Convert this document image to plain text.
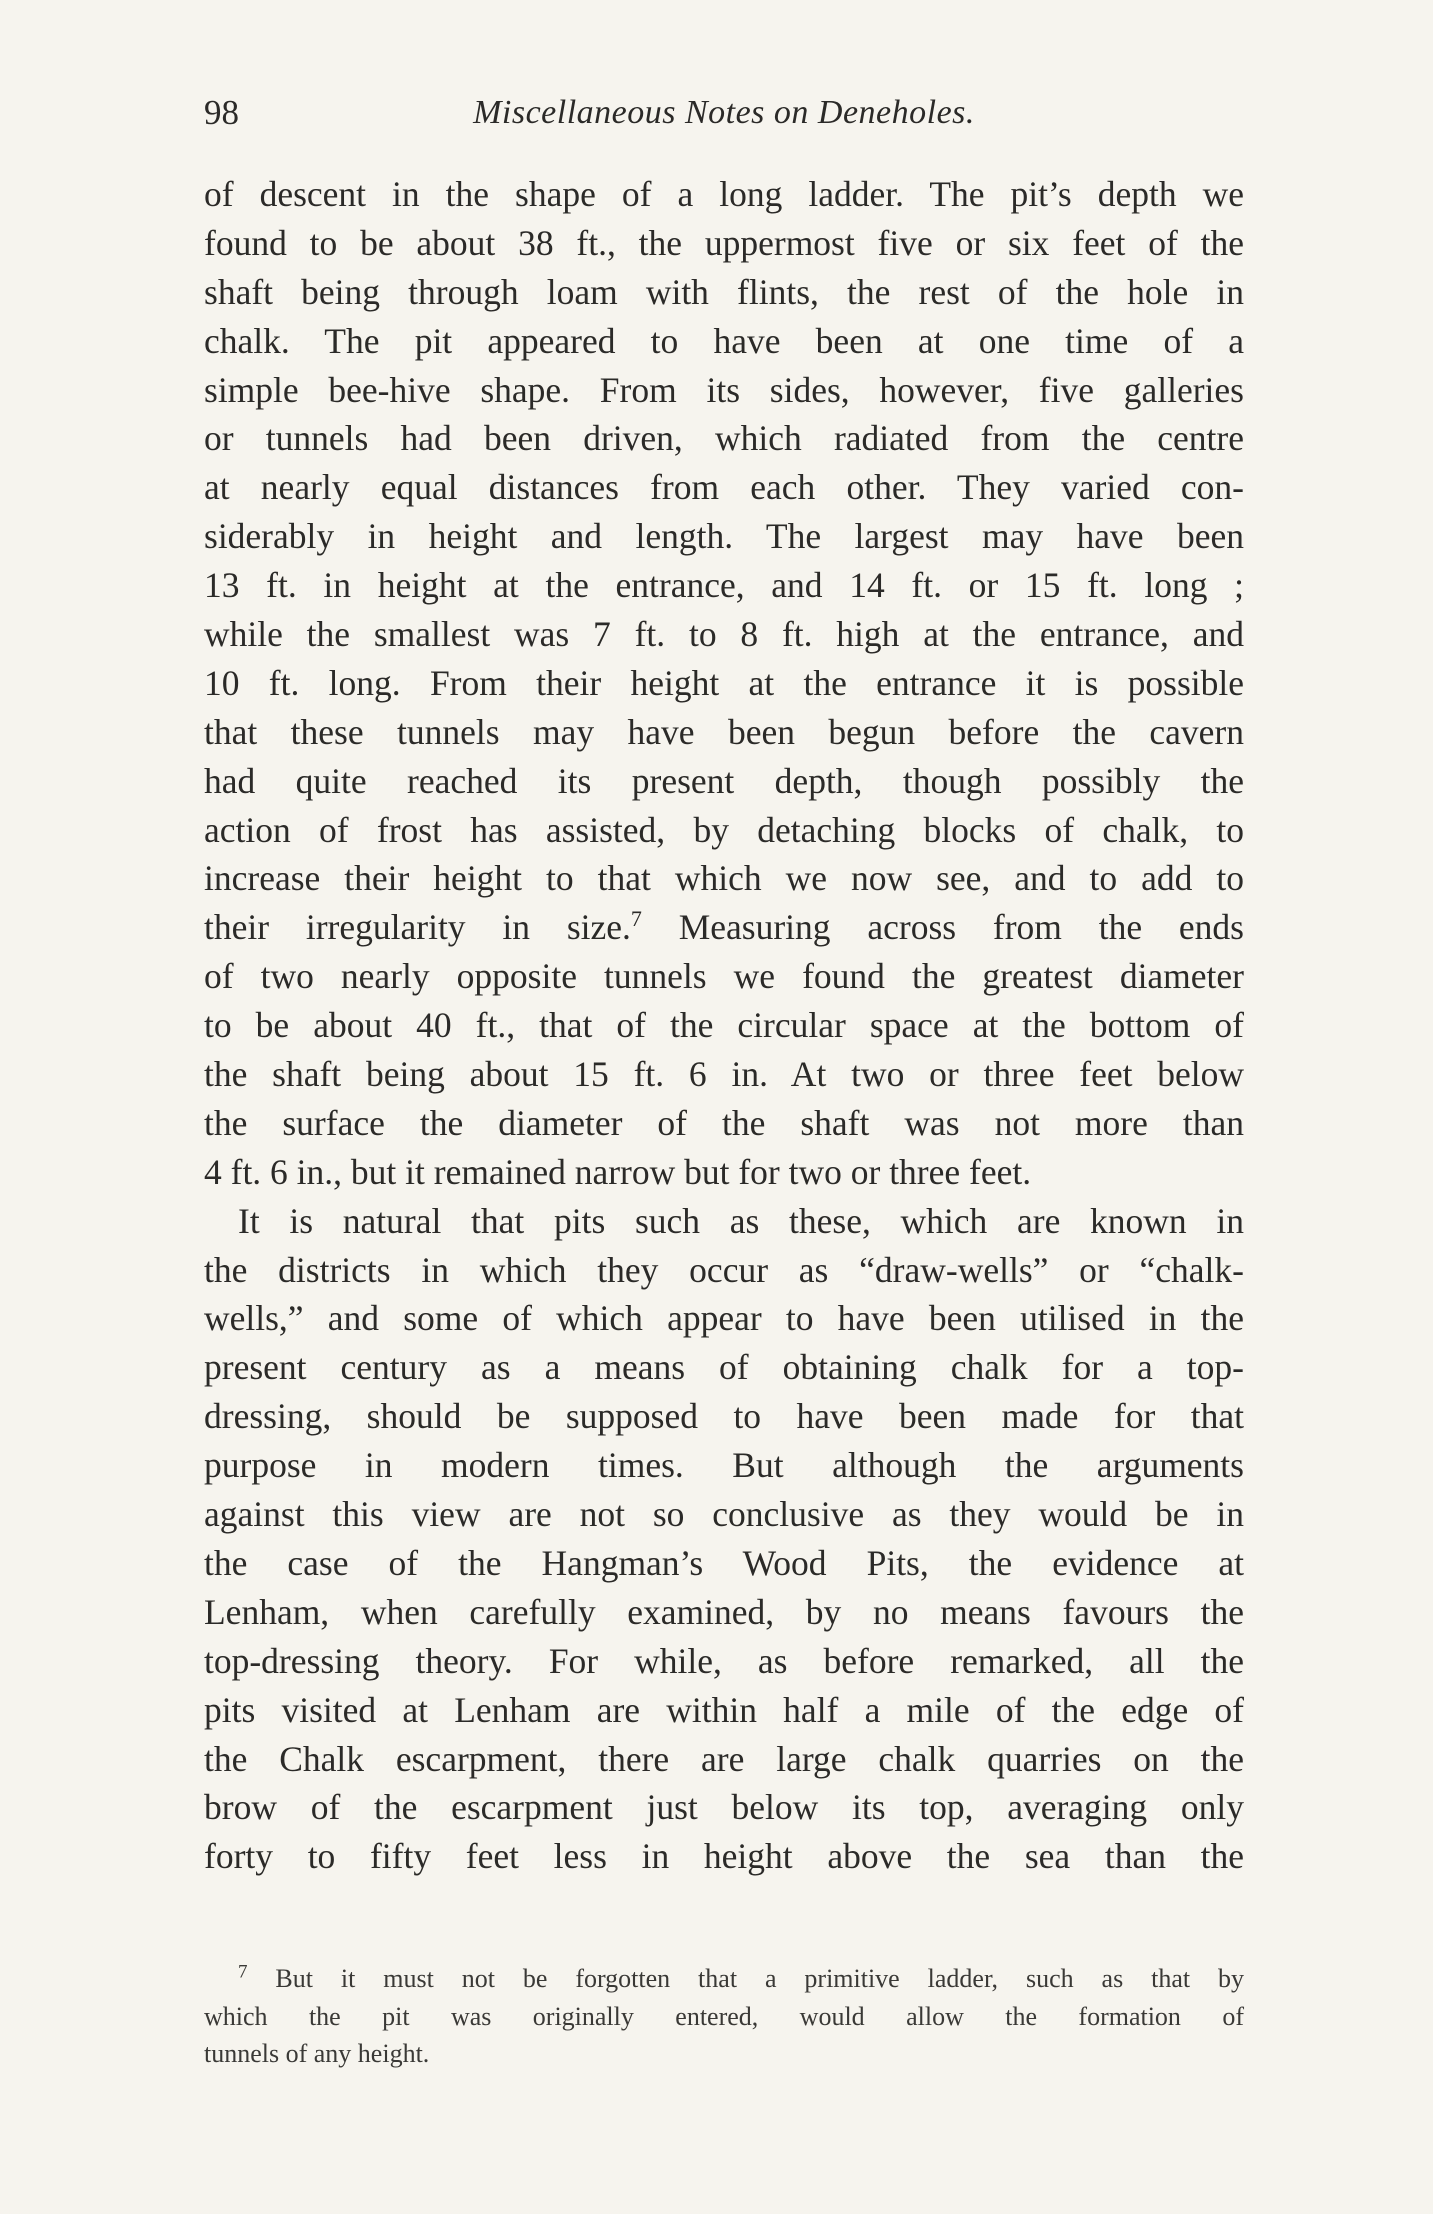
98	Miscellaneous Notes on Deneholes.
of descent in the shape of a long ladder. The pit’s depth we
found to be about 38 ft., the uppermost five or six feet of the
shaft being through loam with flints, the rest of the hole in
chalk. The pit appeared to have been at one time of a
simple bee-hive shape. From its sides, however, five galleries
or tunnels had been driven, which radiated from the centre
at nearly equal distances from each other. They varied con-
siderably in height and length. The largest may have been
13 ft. in height at the entrance, and 14 ft. or 15 ft. long ;
while the smallest was 7 ft. to 8 ft. high at the entrance, and
10 ft. long. From their height at the entrance it is possible
that these tunnels may have been begun before the cavern
had quite reached its present depth, though possibly the
action of frost has assisted, by detaching blocks of chalk, to
increase their height to that which we now see, and to add to
their irregularity in size.$^7$ Measuring across from the ends
of two nearly opposite tunnels we found the greatest diameter
to be about 40 ft., that of the circular space at the bottom of
the shaft being about 15 ft. 6 in. At two or three feet below
the surface the diameter of the shaft was not more than
4 ft. 6 in., but it remained narrow but for two or three feet.
It is natural that pits such as these, which are known in
the districts in which they occur as “draw-wells” or “chalk-
wells,” and some of which appear to have been utilised in the
present century as a means of obtaining chalk for a top-
dressing, should be supposed to have been made for that
purpose in modern times. But although the arguments
against this view are not so conclusive as they would be in
the case of the Hangman’s Wood Pits, the evidence at
Lenham, when carefully examined, by no means favours the
top-dressing theory. For while, as before remarked, all the
pits visited at Lenham are within half a mile of the edge of
the Chalk escarpment, there are large chalk quarries on the
brow of the escarpment just below its top, averaging only
forty to fifty feet less in height above the sea than the
$^7$ But it must not be forgotten that a primitive ladder, such as that by
which the pit was originally entered, would allow the formation of
tunnels of any height.
